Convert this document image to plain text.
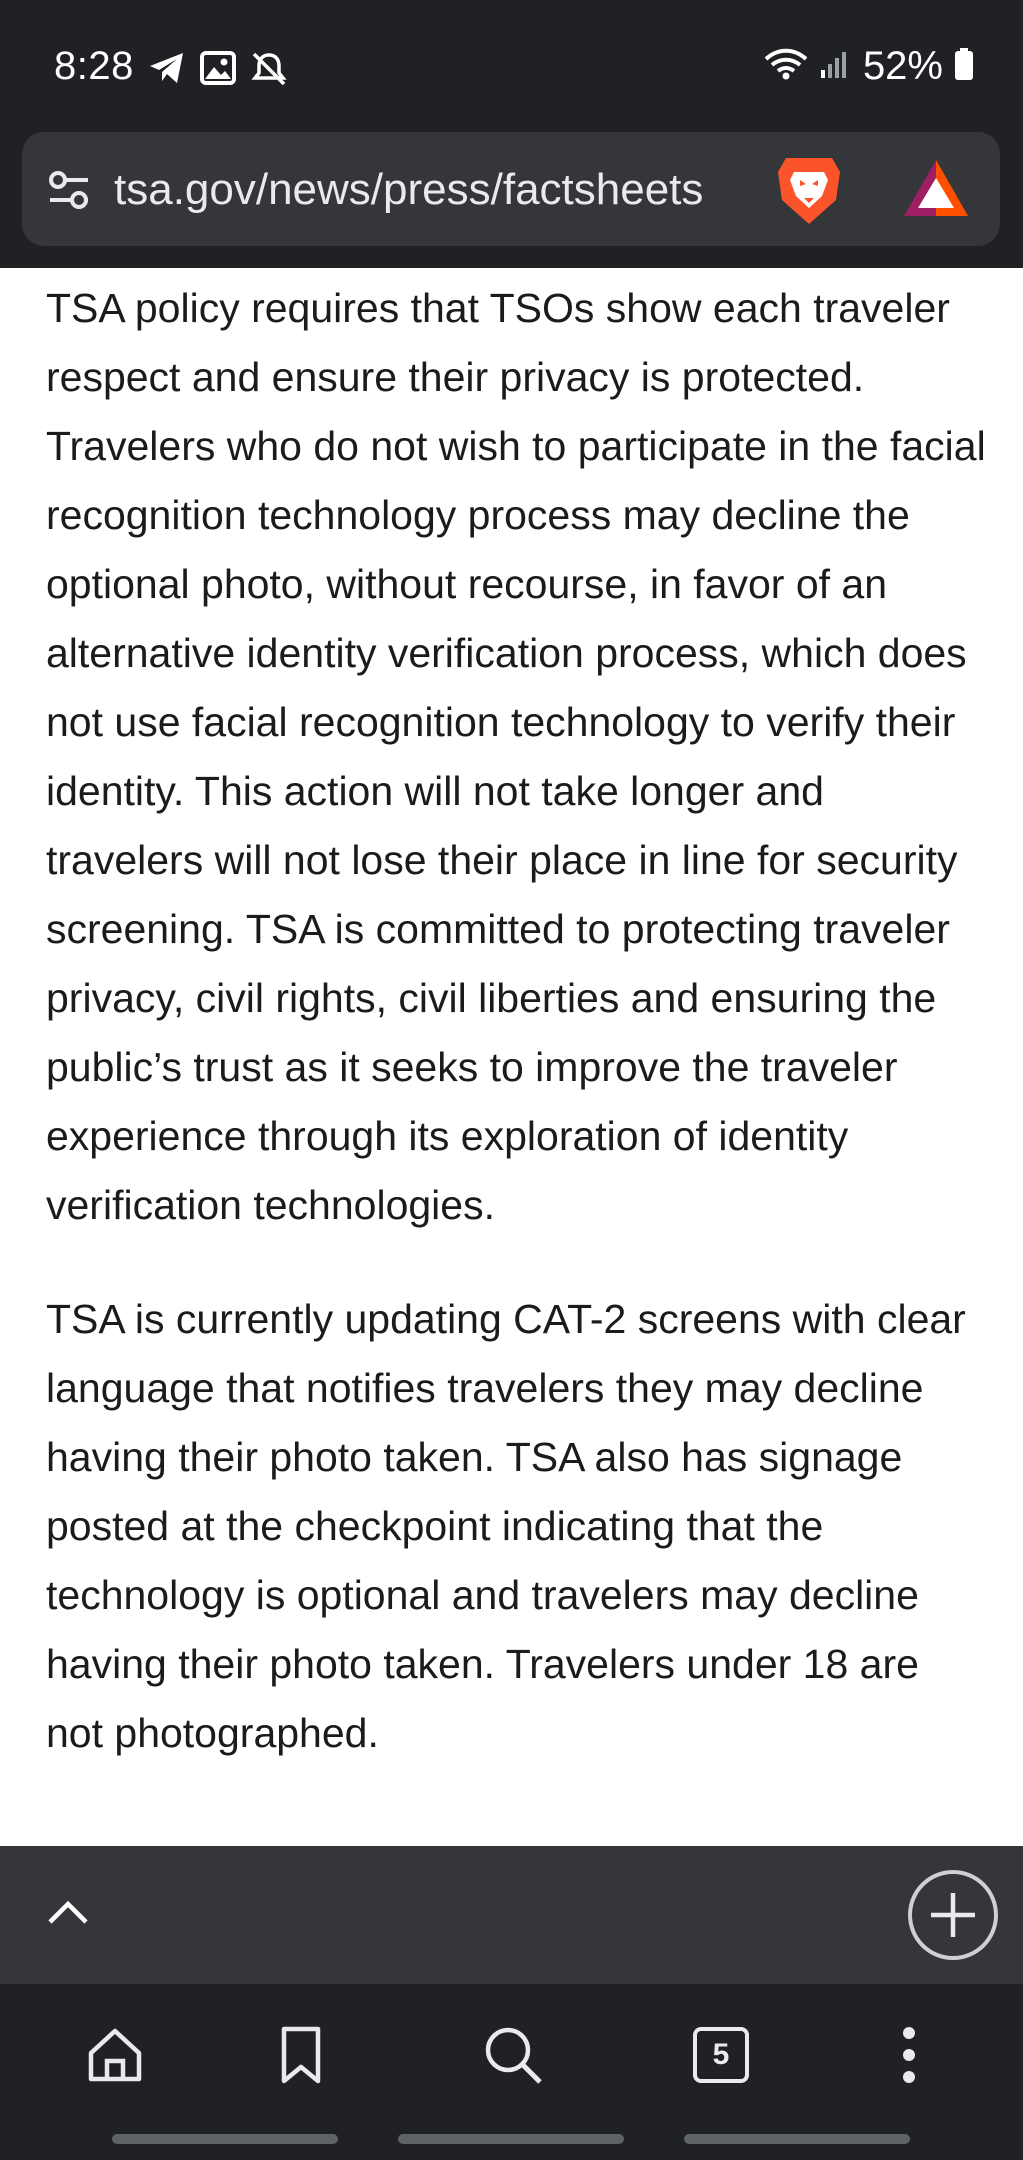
8:28	52%
tsa.gov/news/press/factsheets

TSA policy requires that TSOs show each traveler respect and ensure their privacy is protected. Travelers who do not wish to participate in the facial recognition technology process may decline the optional photo, without recourse, in favor of an alternative identity verification process, which does not use facial recognition technology to verify their identity. This action will not take longer and travelers will not lose their place in line for security screening. TSA is committed to protecting traveler privacy, civil rights, civil liberties and ensuring the public’s trust as it seeks to improve the traveler experience through its exploration of identity verification technologies.

TSA is currently updating CAT-2 screens with clear language that notifies travelers they may decline having their photo taken. TSA also has signage posted at the checkpoint indicating that the technology is optional and travelers may decline having their photo taken. Travelers under 18 are not photographed.

5
